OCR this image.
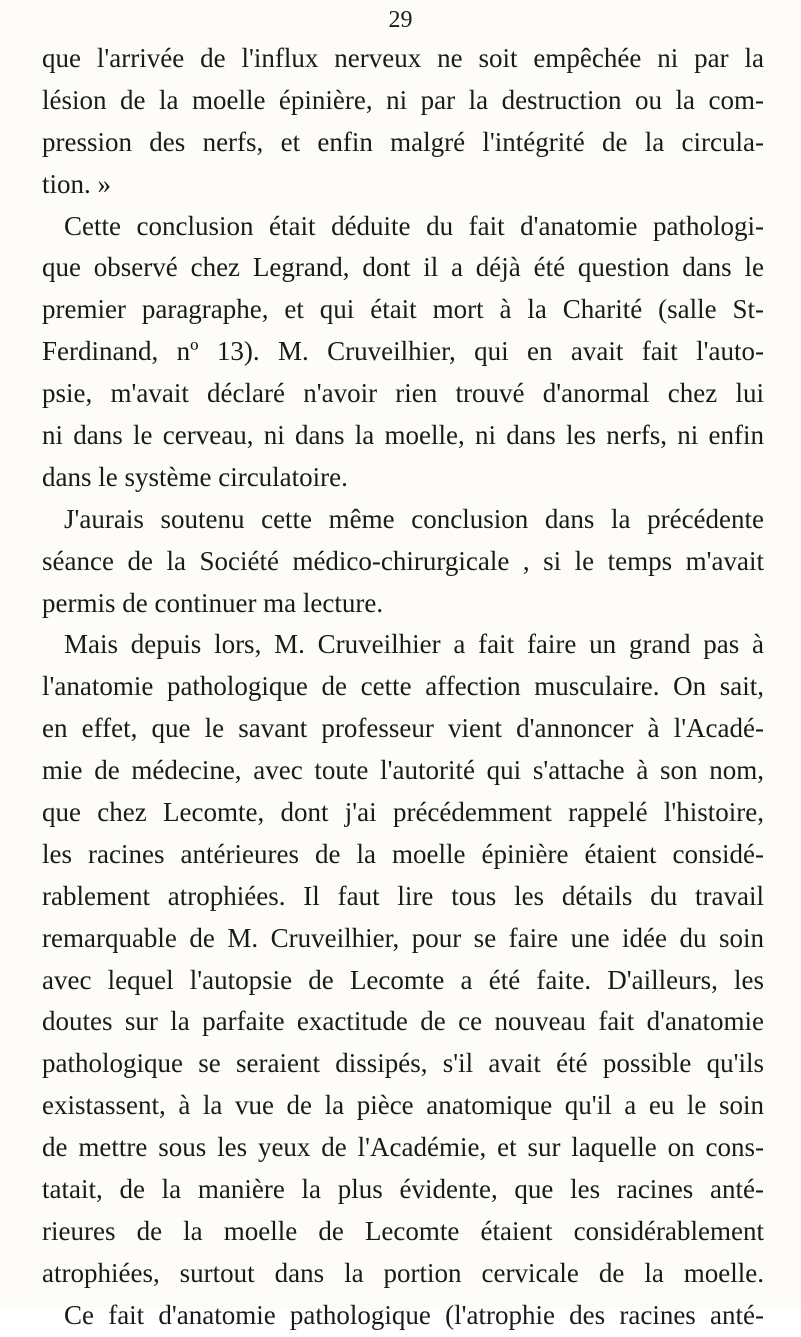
29
que l'arrivée de l'influx nerveux ne soit empêchée ni par la
lésion de la moelle épinière, ni par la destruction ou la com-
pression des nerfs, et enfin malgré l'intégrité de la circula-
tion. »
Cette conclusion était déduite du fait d'anatomie pathologi-
que observé chez Legrand, dont il a déjà été question dans le
premier paragraphe, et qui était mort à la Charité (salle St-
Ferdinand, nº 13). M. Cruveilhier, qui en avait fait l'auto-
psie, m'avait déclaré n'avoir rien trouvé d'anormal chez lui
ni dans le cerveau, ni dans la moelle, ni dans les nerfs, ni enfin
dans le système circulatoire.
J'aurais soutenu cette même conclusion dans la précédente
séance de la Société médico-chirurgicale , si le temps m'avait
permis de continuer ma lecture.
Mais depuis lors, M. Cruveilhier a fait faire un grand pas à
l'anatomie pathologique de cette affection musculaire. On sait,
en effet, que le savant professeur vient d'annoncer à l'Acadé-
mie de médecine, avec toute l'autorité qui s'attache à son nom,
que chez Lecomte, dont j'ai précédemment rappelé l'histoire,
les racines antérieures de la moelle épinière étaient considé-
rablement atrophiées. Il faut lire tous les détails du travail
remarquable de M. Cruveilhier, pour se faire une idée du soin
avec lequel l'autopsie de Lecomte a été faite. D'ailleurs, les
doutes sur la parfaite exactitude de ce nouveau fait d'anatomie
pathologique se seraient dissipés, s'il avait été possible qu'ils
existassent, à la vue de la pièce anatomique qu'il a eu le soin
de mettre sous les yeux de l'Académie, et sur laquelle on cons-
tatait, de la manière la plus évidente, que les racines anté-
rieures de la moelle de Lecomte étaient considérablement
atrophiées, surtout dans la portion cervicale de la moelle.
Ce fait d'anatomie pathologique (l'atrophie des racines anté-
